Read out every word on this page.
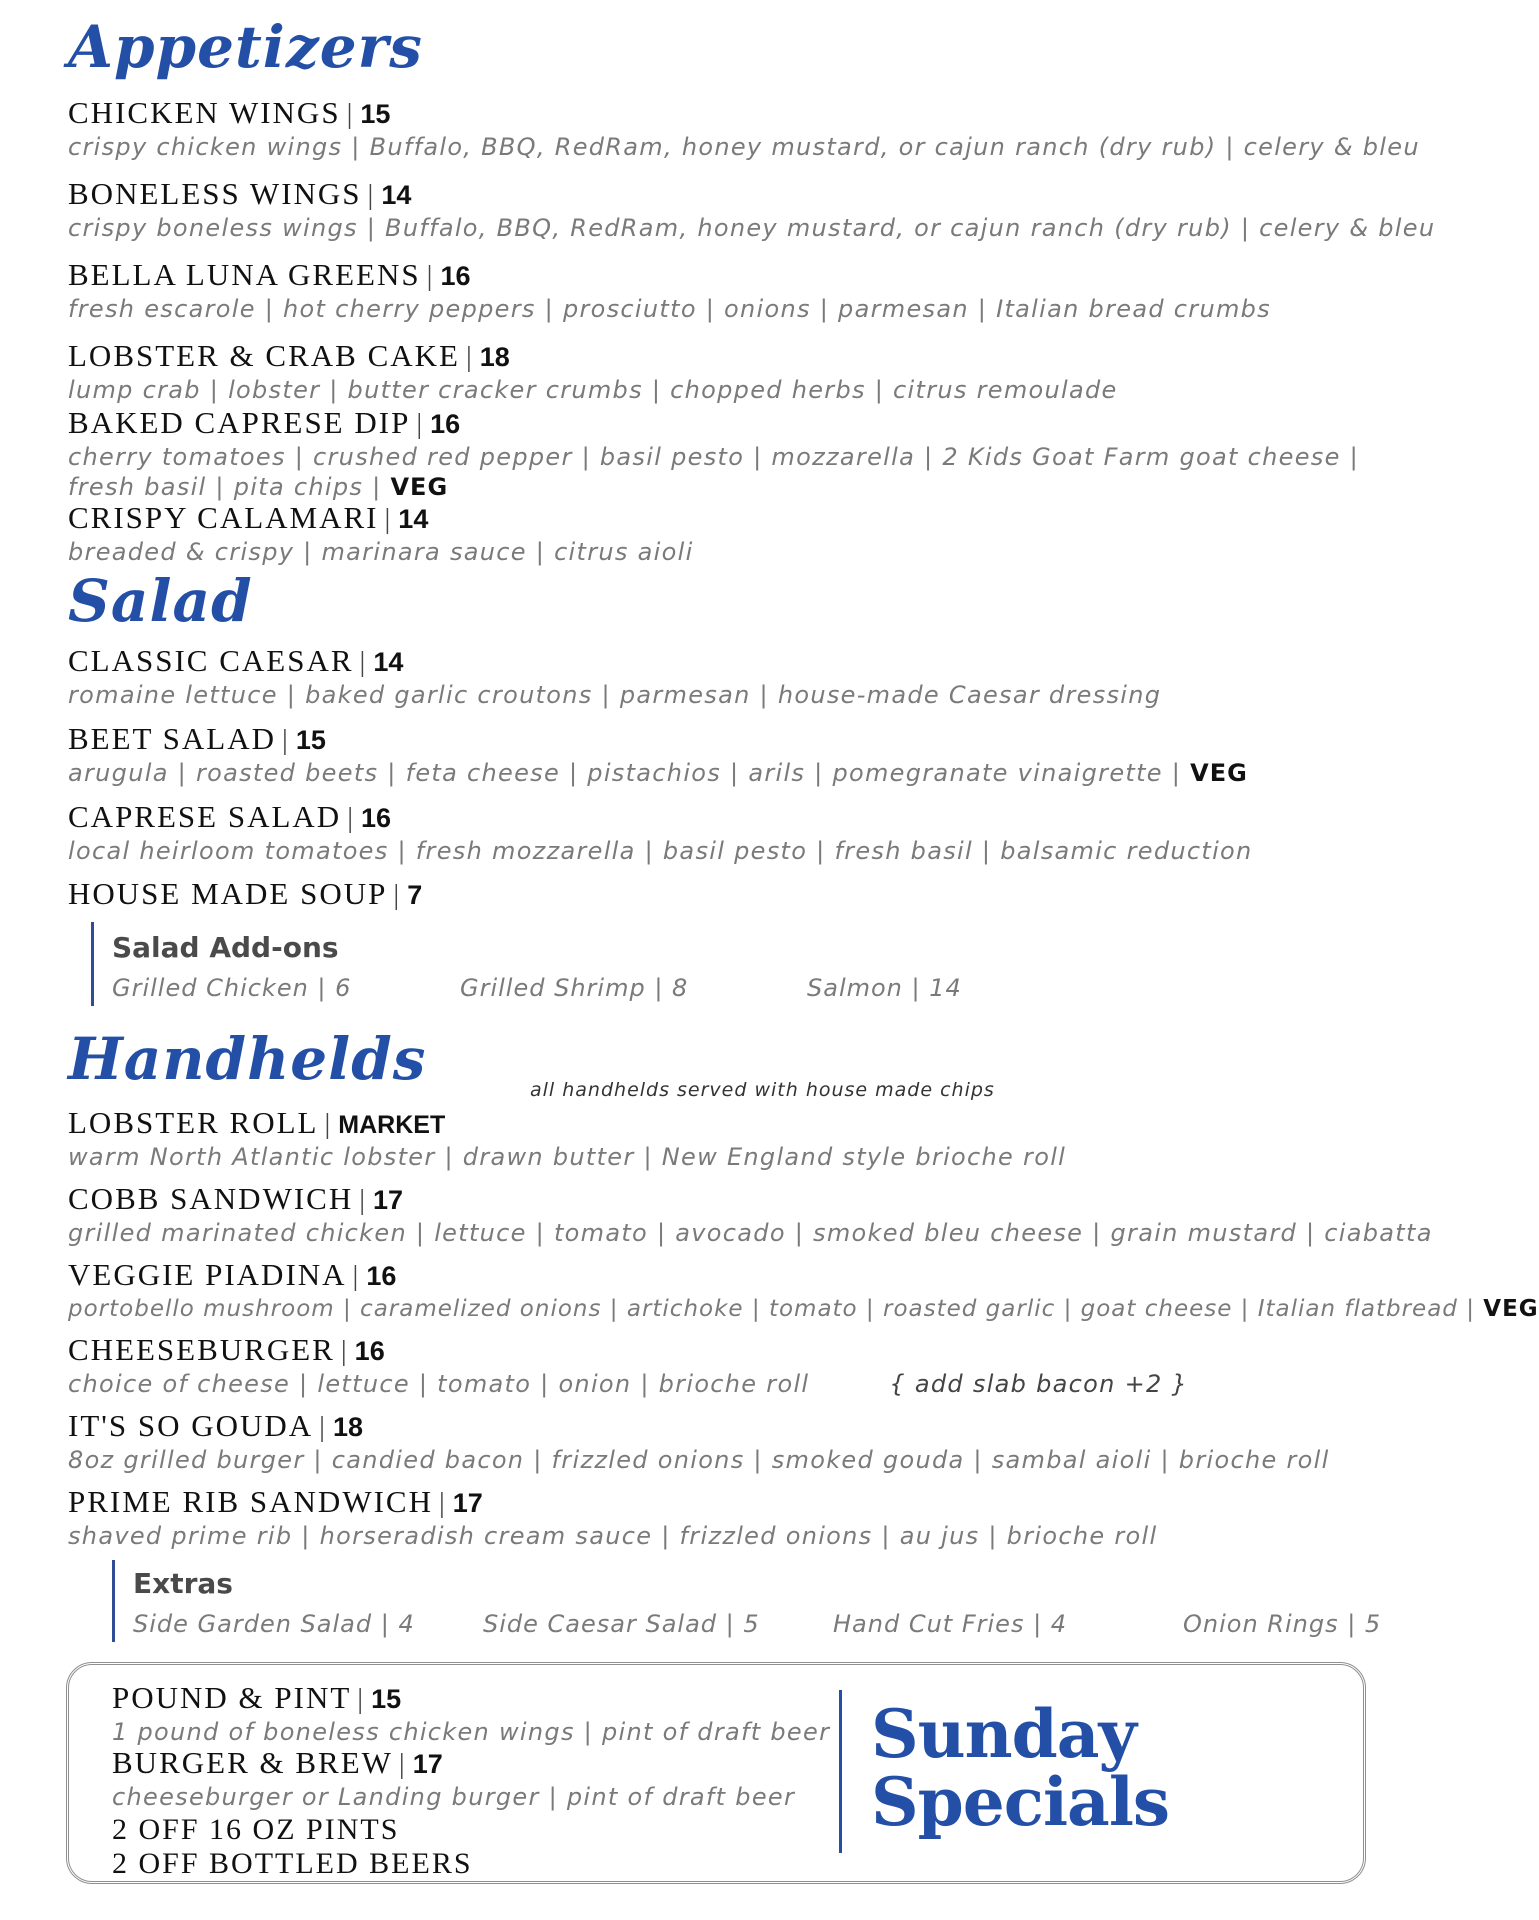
Appetizers
CHICKEN WINGS | 15
crispy chicken wings | Buffalo, BBQ, RedRam, honey mustard, or cajun ranch (dry rub) | celery & bleu
BONELESS WINGS | 14
crispy boneless wings | Buffalo, BBQ, RedRam, honey mustard, or cajun ranch (dry rub) | celery & bleu
BELLA LUNA GREENS | 16
fresh escarole | hot cherry peppers | prosciutto | onions | parmesan | Italian bread crumbs
LOBSTER & CRAB CAKE | 18
lump crab | lobster | butter cracker crumbs | chopped herbs | citrus remoulade
BAKED CAPRESE DIP | 16
cherry tomatoes | crushed red pepper | basil pesto | mozzarella | 2 Kids Goat Farm goat cheese | fresh basil | pita chips | VEG
CRISPY CALAMARI | 14
breaded & crispy | marinara sauce | citrus aioli
Salad
CLASSIC CAESAR | 14
romaine lettuce | baked garlic croutons | parmesan | house-made Caesar dressing
BEET SALAD | 15
arugula | roasted beets | feta cheese | pistachios | arils | pomegranate vinaigrette | VEG
CAPRESE SALAD | 16
local heirloom tomatoes | fresh mozzarella | basil pesto | fresh basil | balsamic reduction
HOUSE MADE SOUP | 7
Salad Add-ons
Grilled Chicken | 6	Grilled Shrimp | 8	Salmon | 14
Handhelds	all handhelds served with house made chips
LOBSTER ROLL | MARKET
warm North Atlantic lobster | drawn butter | New England style brioche roll
COBB SANDWICH | 17
grilled marinated chicken | lettuce | tomato | avocado | smoked bleu cheese | grain mustard | ciabatta
VEGGIE PIADINA | 16
portobello mushroom | caramelized onions | artichoke | tomato | roasted garlic | goat cheese | Italian flatbread | VEG
CHEESEBURGER | 16
choice of cheese | lettuce | tomato | onion | brioche roll	{ add slab bacon +2 }
IT'S SO GOUDA | 18
8oz grilled burger | candied bacon | frizzled onions | smoked gouda | sambal aioli | brioche roll
PRIME RIB SANDWICH | 17
shaved prime rib | horseradish cream sauce | frizzled onions | au jus | brioche roll
Extras
Side Garden Salad | 4	Side Caesar Salad | 5	Hand Cut Fries | 4	Onion Rings | 5
POUND & PINT | 15
1 pound of boneless chicken wings | pint of draft beer
BURGER & BREW | 17
cheeseburger or Landing burger | pint of draft beer
2 OFF 16 OZ PINTS
2 OFF BOTTLED BEERS
Sunday
Specials
